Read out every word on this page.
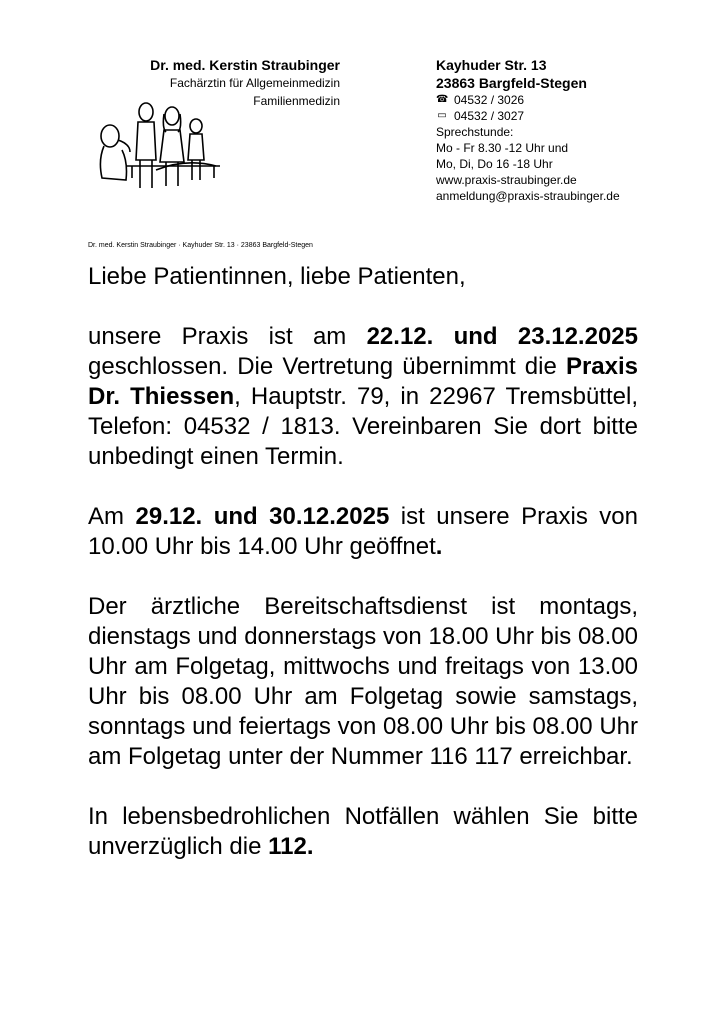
Dr. med. Kerstin Straubinger
Fachärztin für Allgemeinmedizin
Familienmedizin
Kayhuder Str. 13
23863 Bargfeld-Stegen
☎ 04532 / 3026
▭ 04532 / 3027
Sprechstunde:
Mo - Fr 8.30 -12 Uhr und
Mo, Di, Do 16 -18 Uhr
www.praxis-straubinger.de
anmeldung@praxis-straubinger.de
Dr. med. Kerstin Straubinger · Kayhuder Str. 13 · 23863 Bargfeld-Stegen

Liebe Patientinnen, liebe Patienten,

unsere Praxis ist am 22.12. und 23.12.2025 geschlossen. Die Vertretung übernimmt die Praxis Dr. Thiessen, Hauptstr. 79, in 22967 Tremsbüttel, Telefon: 04532 / 1813. Vereinbaren Sie dort bitte unbedingt einen Termin.

Am 29.12. und 30.12.2025 ist unsere Praxis von 10.00 Uhr bis 14.00 Uhr geöffnet.

Der ärztliche Bereitschaftsdienst ist montags, dienstags und donnerstags von 18.00 Uhr bis 08.00 Uhr am Folgetag, mittwochs und freitags von 13.00 Uhr bis 08.00 Uhr am Folgetag sowie samstags, sonntags und feiertags von 08.00 Uhr bis 08.00 Uhr am Folgetag unter der Nummer 116 117 erreichbar.

In lebensbedrohlichen Notfällen wählen Sie bitte unverzüglich die 112.
